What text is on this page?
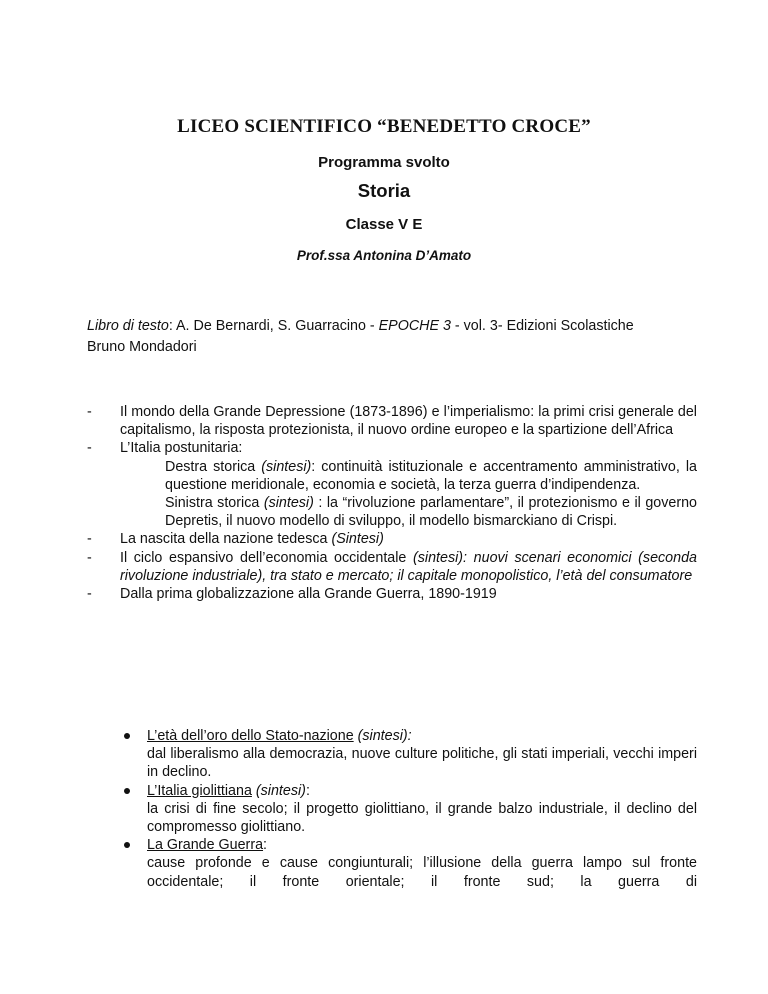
LICEO SCIENTIFICO “BENEDETTO CROCE”
Programma svolto
Storia
Classe V E
Prof.ssa Antonina D’Amato
Libro di testo: A. De Bernardi, S. Guarracino - EPOCHE 3 - vol. 3- Edizioni Scolastiche
Bruno Mondadori
- Il mondo della Grande Depressione (1873-1896) e l’imperialismo: la primi crisi generale del capitalismo, la risposta protezionista, il nuovo ordine europeo e la spartizione dell’Africa
- L’Italia postunitaria:
Destra storica (sintesi): continuità istituzionale e accentramento amministrativo, la questione meridionale, economia e società, la terza guerra d’indipendenza.
Sinistra storica (sintesi) : la “rivoluzione parlamentare”, il protezionismo e il governo Depretis, il nuovo modello di sviluppo, il modello bismarckiano di Crispi.
- La nascita della nazione tedesca (Sintesi)
- Il ciclo espansivo dell’economia occidentale (sintesi): nuovi scenari economici (seconda rivoluzione industriale), tra stato e mercato; il capitale monopolistico, l’età del consumatore
- Dalla prima globalizzazione alla Grande Guerra, 1890-1919
L’età dell’oro dello Stato-nazione (sintesi):
dal liberalismo alla democrazia, nuove culture politiche, gli stati imperiali, vecchi imperi in declino.
L’Italia giolittiana (sintesi):
la crisi di fine secolo; il progetto giolittiano, il grande balzo industriale, il declino del compromesso giolittiano.
La Grande Guerra:
cause profonde e cause congiunturali; l’illusione della guerra lampo sul fronte occidentale; il fronte orientale; il fronte sud; la guerra di
